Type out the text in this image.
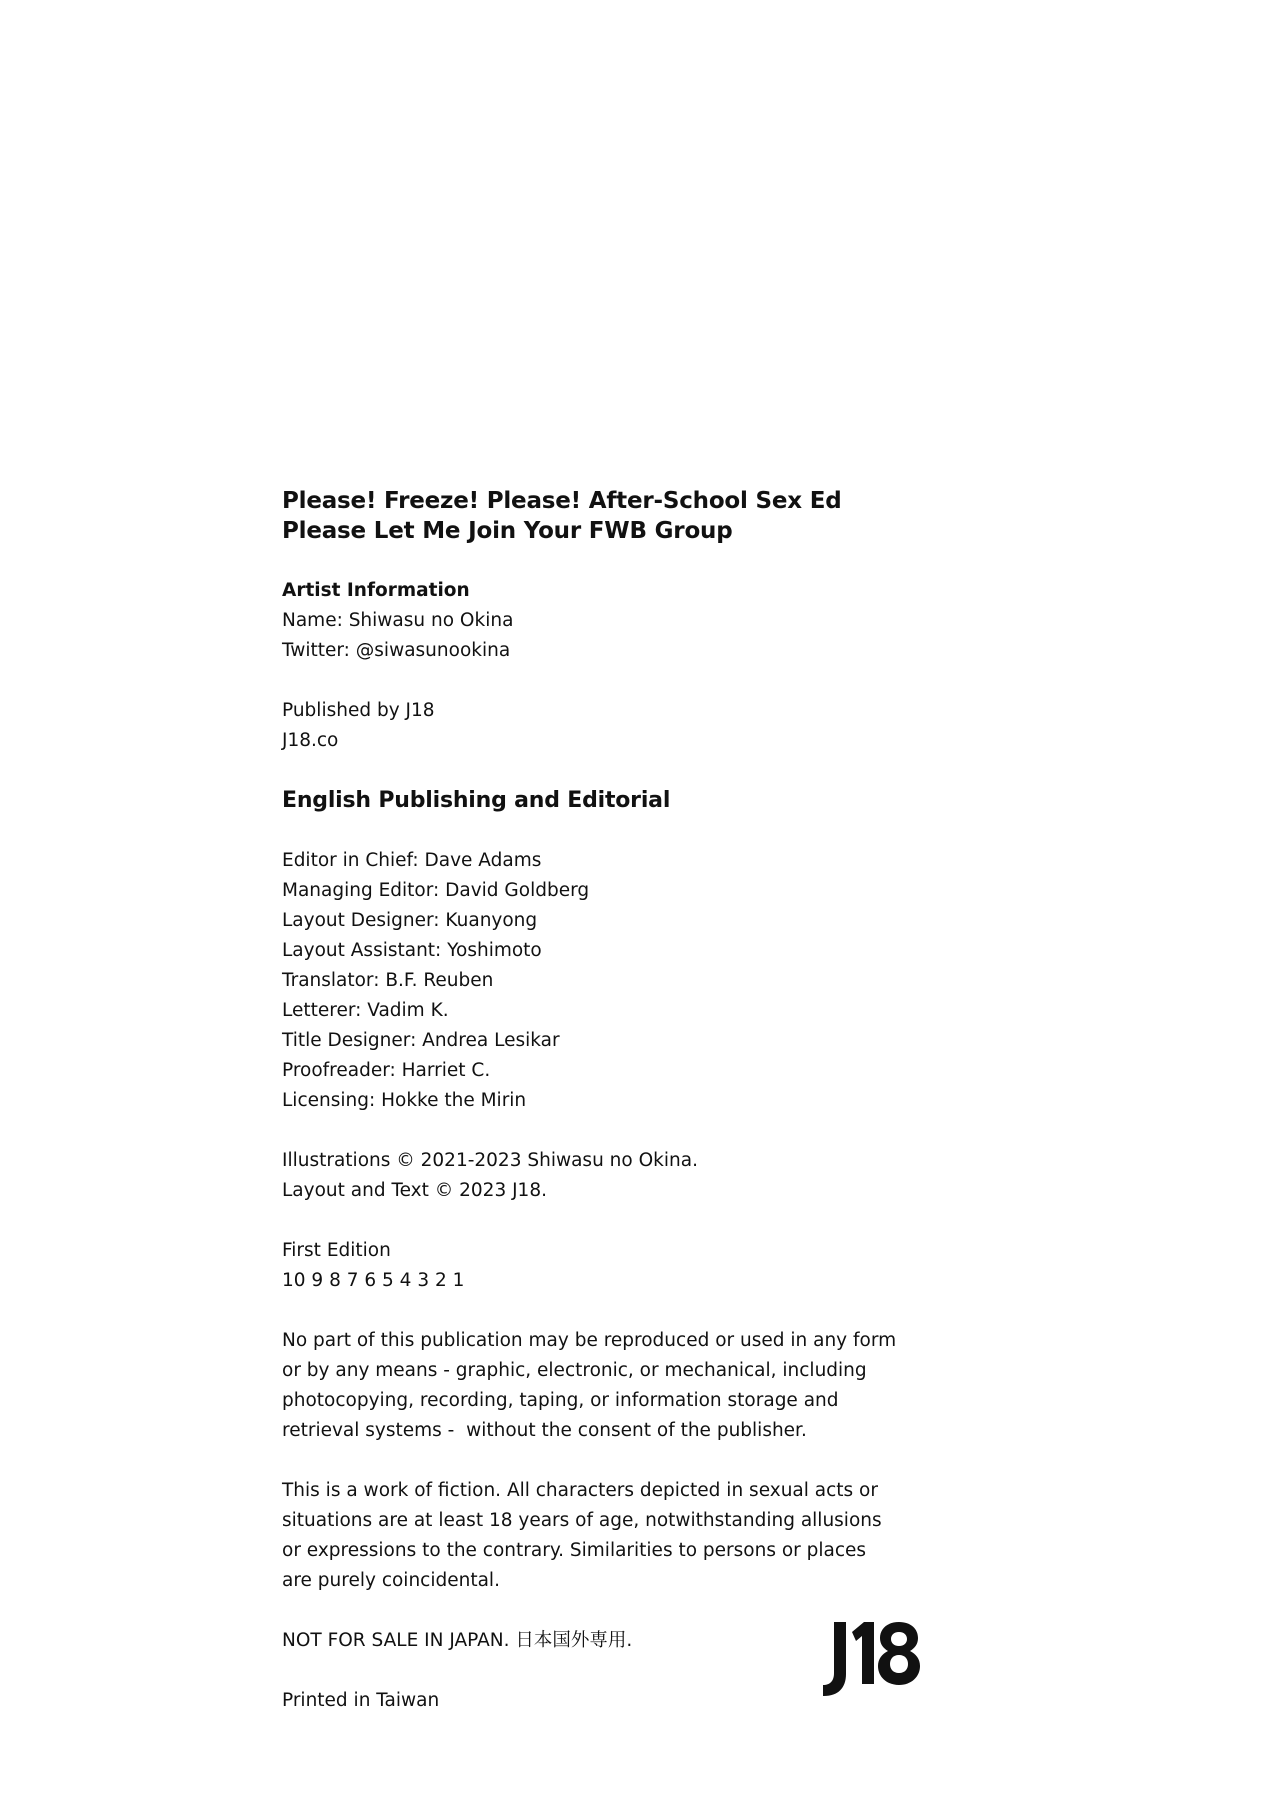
Please! Freeze! Please! After-School Sex Ed
Please Let Me Join Your FWB Group
Artist Information
Name: Shiwasu no Okina
Twitter: @siwasunookina
Published by J18
J18.co
English Publishing and Editorial
Editor in Chief: Dave Adams
Managing Editor: David Goldberg
Layout Designer: Kuanyong
Layout Assistant: Yoshimoto
Translator: B.F. Reuben
Letterer: Vadim K.
Title Designer: Andrea Lesikar
Proofreader: Harriet C.
Licensing: Hokke the Mirin
Illustrations © 2021-2023 Shiwasu no Okina.
Layout and Text © 2023 J18.
First Edition
10 9 8 7 6 5 4 3 2 1
No part of this publication may be reproduced or used in any form
or by any means - graphic, electronic, or mechanical, including
photocopying, recording, taping, or information storage and
retrieval systems -  without the consent of the publisher.
This is a work of fiction. All characters depicted in sexual acts or
situations are at least 18 years of age, notwithstanding allusions
or expressions to the contrary. Similarities to persons or places
are purely coincidental.
NOT FOR SALE IN JAPAN. 日本国外専用.
Printed in Taiwan
